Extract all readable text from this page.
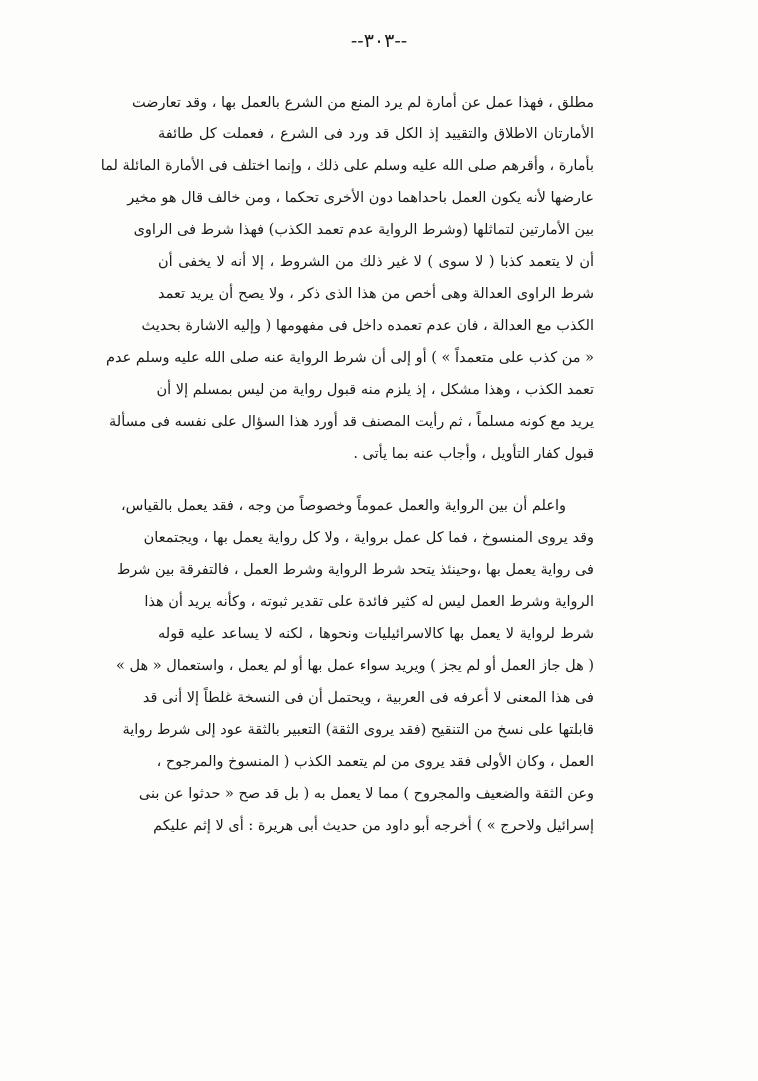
--٣٠٣--
مطلق ، فهذا عمل عن أمارة لم يرد المنع من الشرع بالعمل بها ، وقد تعارضت
الأمارتان الاطلاق والتقييد إذ الكل قد ورد فى الشرع ، فعملت كل طائفة
بأمارة ، وأقرهم صلى الله عليه وسلم على ذلك ، وإنما اختلف فى الأمارة المائلة لما
عارضها لأنه يكون العمل باحداهما دون الأخرى تحكما ، ومن خالف قال هو مخير
بين الأمارتين لتماثلها (وشرط الرواية عدم تعمد الكذب) فهذا شرط فى الراوى
أن لا يتعمد كذبا ( لا سوى ) لا غير ذلك من الشروط ، إلا أنه لا يخفى أن
شرط الراوى العدالة وهى أخص من هذا الذى ذكر ، ولا يصح أن يريد تعمد
الكذب مع العدالة ، فان عدم تعمده داخل فى مفهومها ( وإليه الاشارة بحديث
« من كذب على متعمداً » ) أو إلى أن شرط الرواية عنه صلى الله عليه وسلم عدم
تعمد الكذب ، وهذا مشكل ، إذ يلزم منه قبول رواية من ليس بمسلم إلا أن
يريد مع كونه مسلماً ، ثم رأيت المصنف قد أورد هذا السؤال على نفسه فى مسألة
قبول كفار التأويل ، وأجاب عنه بما يأتى .
واعلم أن بين الرواية والعمل عموماً وخصوصاً من وجه ، فقد يعمل بالقياس،
وقد يروى المنسوخ ، فما كل عمل برواية ، ولا كل رواية يعمل بها ، ويجتمعان
فى رواية يعمل بها ،وحينئذ يتحد شرط الرواية وشرط العمل ، فالتفرقة بين شرط
الرواية وشرط العمل ليس له كثير فائدة على تقدير ثبوته ، وكأنه يريد أن هذا
شرط لرواية لا يعمل بها كالاسرائيليات ونحوها ، لكنه لا يساعد عليه قوله
( هل جاز العمل أو لم يجز ) ويريد سواء عمل بها أو لم يعمل ، واستعمال « هل »
فى هذا المعنى لا أعرفه فى العربية ، ويحتمل أن فى النسخة غلطاً إلا أنى قد
قابلتها على نسخ من التنقيح (فقد يروى الثقة) التعبير بالثقة عود إلى شرط رواية
العمل ، وكان الأولى فقد يروى من لم يتعمد الكذب ( المنسوخ والمرجوح ،
وعن الثقة والضعيف والمجروح ) مما لا يعمل به ( بل قد صح « حدثوا عن بنى
إسرائيل ولاحرج » ) أخرجه أبو داود من حديث أبى هريرة : أى لا إثم عليكم
